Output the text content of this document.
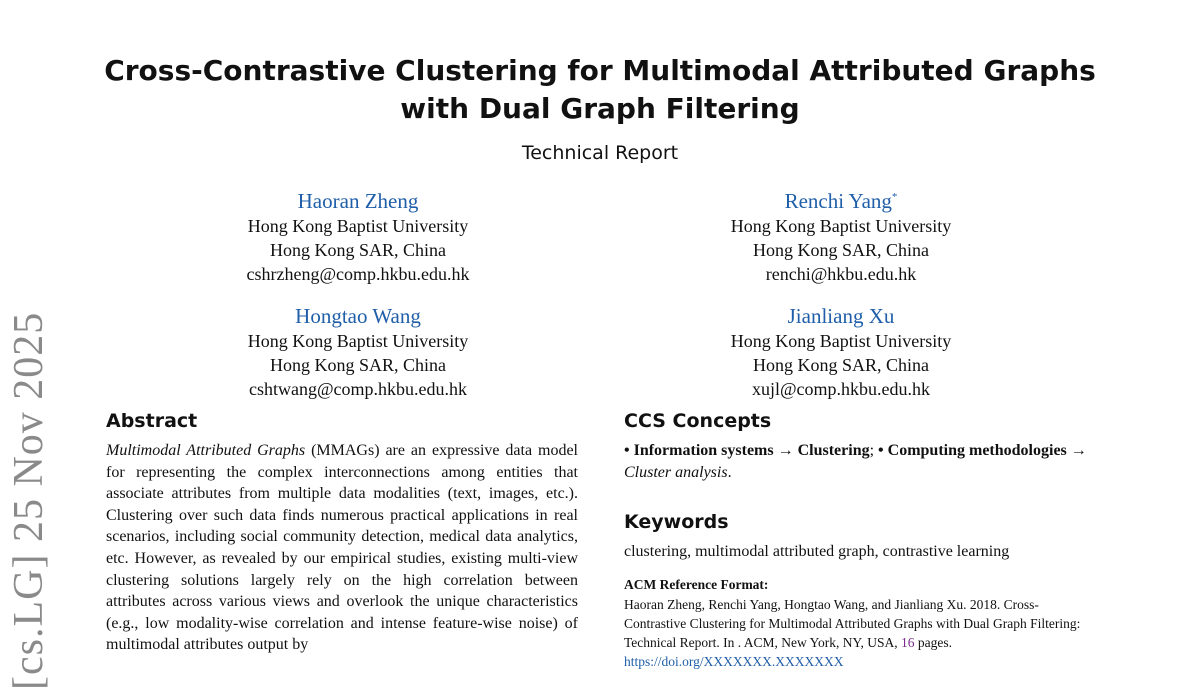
Cross-Contrastive Clustering for Multimodal Attributed Graphs
with Dual Graph Filtering
Technical Report
Haoran Zheng
Hong Kong Baptist University
Hong Kong SAR, China
cshrzheng@comp.hkbu.edu.hk
Renchi Yang*
Hong Kong Baptist University
Hong Kong SAR, China
renchi@hkbu.edu.hk
Hongtao Wang
Hong Kong Baptist University
Hong Kong SAR, China
cshtwang@comp.hkbu.edu.hk
Jianliang Xu
Hong Kong Baptist University
Hong Kong SAR, China
xujl@comp.hkbu.edu.hk
[cs.LG] 25 Nov 2025	Abstract

Multimodal Attributed Graphs (MMAGs) are an expressive data model for representing the complex interconnections among entities that associate attributes from multiple data modalities (text, images, etc.). Clustering over such data finds numerous practical applications in real scenarios, including social community detection, medical data analytics, etc. However, as revealed by our empirical studies, existing multi-view clustering solutions largely rely on the high correlation between attributes across various views and overlook the unique characteristics (e.g., low modality-wise correlation and intense feature-wise noise) of multimodal attributes output by

CCS Concepts

• Information systems → Clustering; • Computing methodologies → Cluster analysis.

Keywords

clustering, multimodal attributed graph, contrastive learning

ACM Reference Format:

Haoran Zheng, Renchi Yang, Hongtao Wang, and Jianliang Xu. 2018. Cross-Contrastive Clustering for Multimodal Attributed Graphs with Dual Graph Filtering: Technical Report. In . ACM, New York, NY, USA, 16 pages. https://doi.org/XXXXXXX.XXXXXXX
